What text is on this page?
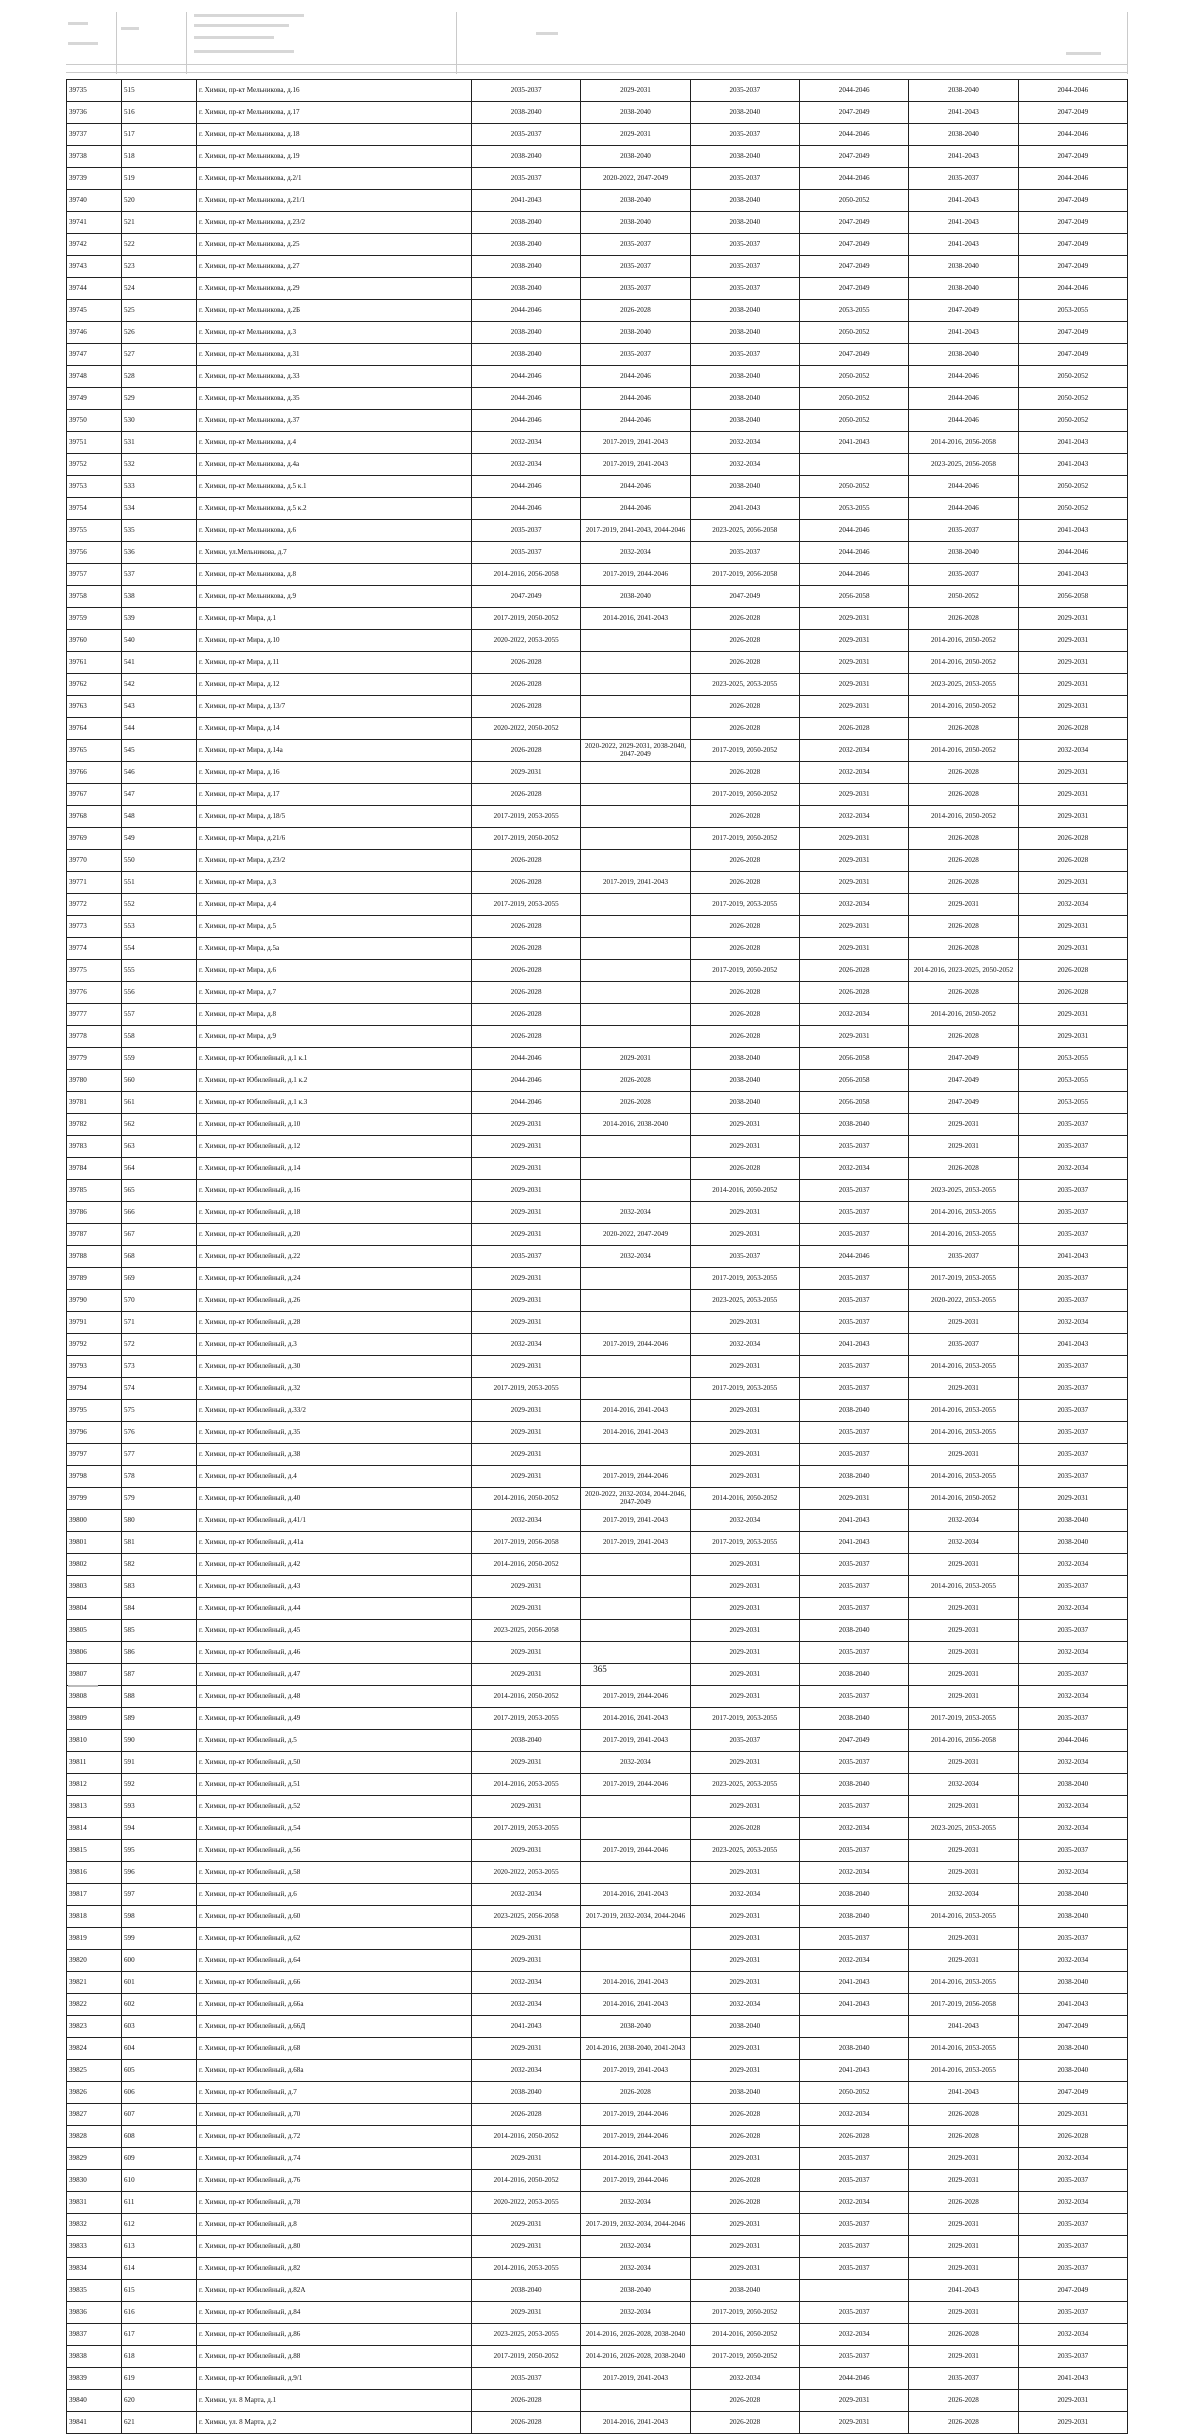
39735	515	г. Химки, пр-кт Мельникова, д.16	2035-2037	2029-2031	2035-2037	2044-2046	2038-2040	2044-2046
39736	516	г. Химки, пр-кт Мельникова, д.17	2038-2040	2038-2040	2038-2040	2047-2049	2041-2043	2047-2049
39737	517	г. Химки, пр-кт Мельникова, д.18	2035-2037	2029-2031	2035-2037	2044-2046	2038-2040	2044-2046
39738	518	г. Химки, пр-кт Мельникова, д.19	2038-2040	2038-2040	2038-2040	2047-2049	2041-2043	2047-2049
39739	519	г. Химки, пр-кт Мельникова, д.2/1	2035-2037	2020-2022, 2047-2049	2035-2037	2044-2046	2035-2037	2044-2046
39740	520	г. Химки, пр-кт Мельникова, д.21/1	2041-2043	2038-2040	2038-2040	2050-2052	2041-2043	2047-2049
39741	521	г. Химки, пр-кт Мельникова, д.23/2	2038-2040	2038-2040	2038-2040	2047-2049	2041-2043	2047-2049
39742	522	г. Химки, пр-кт Мельникова, д.25	2038-2040	2035-2037	2035-2037	2047-2049	2041-2043	2047-2049
39743	523	г. Химки, пр-кт Мельникова, д.27	2038-2040	2035-2037	2035-2037	2047-2049	2038-2040	2047-2049
39744	524	г. Химки, пр-кт Мельникова, д.29	2038-2040	2035-2037	2035-2037	2047-2049	2038-2040	2044-2046
39745	525	г. Химки, пр-кт Мельникова, д.2Б	2044-2046	2026-2028	2038-2040	2053-2055	2047-2049	2053-2055
39746	526	г. Химки, пр-кт Мельникова, д.3	2038-2040	2038-2040	2038-2040	2050-2052	2041-2043	2047-2049
39747	527	г. Химки, пр-кт Мельникова, д.31	2038-2040	2035-2037	2035-2037	2047-2049	2038-2040	2047-2049
39748	528	г. Химки, пр-кт Мельникова, д.33	2044-2046	2044-2046	2038-2040	2050-2052	2044-2046	2050-2052
39749	529	г. Химки, пр-кт Мельникова, д.35	2044-2046	2044-2046	2038-2040	2050-2052	2044-2046	2050-2052
39750	530	г. Химки, пр-кт Мельникова, д.37	2044-2046	2044-2046	2038-2040	2050-2052	2044-2046	2050-2052
39751	531	г. Химки, пр-кт Мельникова, д.4	2032-2034	2017-2019, 2041-2043	2032-2034	2041-2043	2014-2016, 2056-2058	2041-2043
39752	532	г. Химки, пр-кт Мельникова, д.4а	2032-2034	2017-2019, 2041-2043	2032-2034		2023-2025, 2056-2058	2041-2043
39753	533	г. Химки, пр-кт Мельникова, д.5 к.1	2044-2046	2044-2046	2038-2040	2050-2052	2044-2046	2050-2052
39754	534	г. Химки, пр-кт Мельникова, д.5 к.2	2044-2046	2044-2046	2041-2043	2053-2055	2044-2046	2050-2052
39755	535	г. Химки, пр-кт Мельникова, д.6	2035-2037	2017-2019, 2041-2043, 2044-2046	2023-2025, 2056-2058	2044-2046	2035-2037	2041-2043
39756	536	г. Химки, ул.Мельникова, д.7	2035-2037	2032-2034	2035-2037	2044-2046	2038-2040	2044-2046
39757	537	г. Химки, пр-кт Мельникова, д.8	2014-2016, 2056-2058	2017-2019, 2044-2046	2017-2019, 2056-2058	2044-2046	2035-2037	2041-2043
39758	538	г. Химки, пр-кт Мельникова, д.9	2047-2049	2038-2040	2047-2049	2056-2058	2050-2052	2056-2058
39759	539	г. Химки, пр-кт Мира, д.1	2017-2019, 2050-2052	2014-2016, 2041-2043	2026-2028	2029-2031	2026-2028	2029-2031
39760	540	г. Химки, пр-кт Мира, д.10	2020-2022, 2053-2055		2026-2028	2029-2031	2014-2016, 2050-2052	2029-2031
39761	541	г. Химки, пр-кт Мира, д.11	2026-2028		2026-2028	2029-2031	2014-2016, 2050-2052	2029-2031
39762	542	г. Химки, пр-кт Мира, д.12	2026-2028		2023-2025, 2053-2055	2029-2031	2023-2025, 2053-2055	2029-2031
39763	543	г. Химки, пр-кт Мира, д.13/7	2026-2028		2026-2028	2029-2031	2014-2016, 2050-2052	2029-2031
39764	544	г. Химки, пр-кт Мира, д.14	2020-2022, 2050-2052		2026-2028	2026-2028	2026-2028	2026-2028
39765	545	г. Химки, пр-кт Мира, д.14а	2026-2028	2020-2022, 2029-2031, 2038-2040, 2047-2049	2017-2019, 2050-2052	2032-2034	2014-2016, 2050-2052	2032-2034
39766	546	г. Химки, пр-кт Мира, д.16	2029-2031		2026-2028	2032-2034	2026-2028	2029-2031
39767	547	г. Химки, пр-кт Мира, д.17	2026-2028		2017-2019, 2050-2052	2029-2031	2026-2028	2029-2031
39768	548	г. Химки, пр-кт Мира, д.18/5	2017-2019, 2053-2055		2026-2028	2032-2034	2014-2016, 2050-2052	2029-2031
39769	549	г. Химки, пр-кт Мира, д.21/6	2017-2019, 2050-2052		2017-2019, 2050-2052	2029-2031	2026-2028	2026-2028
39770	550	г. Химки, пр-кт Мира, д.23/2	2026-2028		2026-2028	2029-2031	2026-2028	2026-2028
39771	551	г. Химки, пр-кт Мира, д.3	2026-2028	2017-2019, 2041-2043	2026-2028	2029-2031	2026-2028	2029-2031
39772	552	г. Химки, пр-кт Мира, д.4	2017-2019, 2053-2055		2017-2019, 2053-2055	2032-2034	2029-2031	2032-2034
39773	553	г. Химки, пр-кт Мира, д.5	2026-2028		2026-2028	2029-2031	2026-2028	2029-2031
39774	554	г. Химки, пр-кт Мира, д.5а	2026-2028		2026-2028	2029-2031	2026-2028	2029-2031
39775	555	г. Химки, пр-кт Мира, д.6	2026-2028		2017-2019, 2050-2052	2026-2028	2014-2016, 2023-2025, 2050-2052	2026-2028
39776	556	г. Химки, пр-кт Мира, д.7	2026-2028		2026-2028	2026-2028	2026-2028	2026-2028
39777	557	г. Химки, пр-кт Мира, д.8	2026-2028		2026-2028	2032-2034	2014-2016, 2050-2052	2029-2031
39778	558	г. Химки, пр-кт Мира, д.9	2026-2028		2026-2028	2029-2031	2026-2028	2029-2031
39779	559	г. Химки, пр-кт Юбилейный, д.1 к.1	2044-2046	2029-2031	2038-2040	2056-2058	2047-2049	2053-2055
39780	560	г. Химки, пр-кт Юбилейный, д.1 к.2	2044-2046	2026-2028	2038-2040	2056-2058	2047-2049	2053-2055
39781	561	г. Химки, пр-кт Юбилейный, д.1 к.3	2044-2046	2026-2028	2038-2040	2056-2058	2047-2049	2053-2055
39782	562	г. Химки, пр-кт Юбилейный, д.10	2029-2031	2014-2016, 2038-2040	2029-2031	2038-2040	2029-2031	2035-2037
39783	563	г. Химки, пр-кт Юбилейный, д.12	2029-2031		2029-2031	2035-2037	2029-2031	2035-2037
39784	564	г. Химки, пр-кт Юбилейный, д.14	2029-2031		2026-2028	2032-2034	2026-2028	2032-2034
39785	565	г. Химки, пр-кт Юбилейный, д.16	2029-2031		2014-2016, 2050-2052	2035-2037	2023-2025, 2053-2055	2035-2037
39786	566	г. Химки, пр-кт Юбилейный, д.18	2029-2031	2032-2034	2029-2031	2035-2037	2014-2016, 2053-2055	2035-2037
39787	567	г. Химки, пр-кт Юбилейный, д.20	2029-2031	2020-2022, 2047-2049	2029-2031	2035-2037	2014-2016, 2053-2055	2035-2037
39788	568	г. Химки, пр-кт Юбилейный, д.22	2035-2037	2032-2034	2035-2037	2044-2046	2035-2037	2041-2043
39789	569	г. Химки, пр-кт Юбилейный, д.24	2029-2031		2017-2019, 2053-2055	2035-2037	2017-2019, 2053-2055	2035-2037
39790	570	г. Химки, пр-кт Юбилейный, д.26	2029-2031		2023-2025, 2053-2055	2035-2037	2020-2022, 2053-2055	2035-2037
39791	571	г. Химки, пр-кт Юбилейный, д.28	2029-2031		2029-2031	2035-2037	2029-2031	2032-2034
39792	572	г. Химки, пр-кт Юбилейный, д.3	2032-2034	2017-2019, 2044-2046	2032-2034	2041-2043	2035-2037	2041-2043
39793	573	г. Химки, пр-кт Юбилейный, д.30	2029-2031		2029-2031	2035-2037	2014-2016, 2053-2055	2035-2037
39794	574	г. Химки, пр-кт Юбилейный, д.32	2017-2019, 2053-2055		2017-2019, 2053-2055	2035-2037	2029-2031	2035-2037
39795	575	г. Химки, пр-кт Юбилейный, д.33/2	2029-2031	2014-2016, 2041-2043	2029-2031	2038-2040	2014-2016, 2053-2055	2035-2037
39796	576	г. Химки, пр-кт Юбилейный, д.35	2029-2031	2014-2016, 2041-2043	2029-2031	2035-2037	2014-2016, 2053-2055	2035-2037
39797	577	г. Химки, пр-кт Юбилейный, д.38	2029-2031		2029-2031	2035-2037	2029-2031	2035-2037
39798	578	г. Химки, пр-кт Юбилейный, д.4	2029-2031	2017-2019, 2044-2046	2029-2031	2038-2040	2014-2016, 2053-2055	2035-2037
39799	579	г. Химки, пр-кт Юбилейный, д.40	2014-2016, 2050-2052	2020-2022, 2032-2034, 2044-2046, 2047-2049	2014-2016, 2050-2052	2029-2031	2014-2016, 2050-2052	2029-2031
39800	580	г. Химки, пр-кт Юбилейный, д.41/1	2032-2034	2017-2019, 2041-2043	2032-2034	2041-2043	2032-2034	2038-2040
39801	581	г. Химки, пр-кт Юбилейный, д.41а	2017-2019, 2056-2058	2017-2019, 2041-2043	2017-2019, 2053-2055	2041-2043	2032-2034	2038-2040
39802	582	г. Химки, пр-кт Юбилейный, д.42	2014-2016, 2050-2052		2029-2031	2035-2037	2029-2031	2032-2034
39803	583	г. Химки, пр-кт Юбилейный, д.43	2029-2031		2029-2031	2035-2037	2014-2016, 2053-2055	2035-2037
39804	584	г. Химки, пр-кт Юбилейный, д.44	2029-2031		2029-2031	2035-2037	2029-2031	2032-2034
39805	585	г. Химки, пр-кт Юбилейный, д.45	2023-2025, 2056-2058		2029-2031	2038-2040	2029-2031	2035-2037
39806	586	г. Химки, пр-кт Юбилейный, д.46	2029-2031		2029-2031	2035-2037	2029-2031	2032-2034
39807	587	г. Химки, пр-кт Юбилейный, д.47	2029-2031		2029-2031	2038-2040	2029-2031	2035-2037
39808	588	г. Химки, пр-кт Юбилейный, д.48	2014-2016, 2050-2052	2017-2019, 2044-2046	2029-2031	2035-2037	2029-2031	2032-2034
39809	589	г. Химки, пр-кт Юбилейный, д.49	2017-2019, 2053-2055	2014-2016, 2041-2043	2017-2019, 2053-2055	2038-2040	2017-2019, 2053-2055	2035-2037
39810	590	г. Химки, пр-кт Юбилейный, д.5	2038-2040	2017-2019, 2041-2043	2035-2037	2047-2049	2014-2016, 2056-2058	2044-2046
39811	591	г. Химки, пр-кт Юбилейный, д.50	2029-2031	2032-2034	2029-2031	2035-2037	2029-2031	2032-2034
39812	592	г. Химки, пр-кт Юбилейный, д.51	2014-2016, 2053-2055	2017-2019, 2044-2046	2023-2025, 2053-2055	2038-2040	2032-2034	2038-2040
39813	593	г. Химки, пр-кт Юбилейный, д.52	2029-2031		2029-2031	2035-2037	2029-2031	2032-2034
39814	594	г. Химки, пр-кт Юбилейный, д.54	2017-2019, 2053-2055		2026-2028	2032-2034	2023-2025, 2053-2055	2032-2034
39815	595	г. Химки, пр-кт Юбилейный, д.56	2029-2031	2017-2019, 2044-2046	2023-2025, 2053-2055	2035-2037	2029-2031	2035-2037
39816	596	г. Химки, пр-кт Юбилейный, д.58	2020-2022, 2053-2055		2029-2031	2032-2034	2029-2031	2032-2034
39817	597	г. Химки, пр-кт Юбилейный, д.6	2032-2034	2014-2016, 2041-2043	2032-2034	2038-2040	2032-2034	2038-2040
39818	598	г. Химки, пр-кт Юбилейный, д.60	2023-2025, 2056-2058	2017-2019, 2032-2034, 2044-2046	2029-2031	2038-2040	2014-2016, 2053-2055	2038-2040
39819	599	г. Химки, пр-кт Юбилейный, д.62	2029-2031		2029-2031	2035-2037	2029-2031	2035-2037
39820	600	г. Химки, пр-кт Юбилейный, д.64	2029-2031		2029-2031	2032-2034	2029-2031	2032-2034
39821	601	г. Химки, пр-кт Юбилейный, д.66	2032-2034	2014-2016, 2041-2043	2029-2031	2041-2043	2014-2016, 2053-2055	2038-2040
39822	602	г. Химки, пр-кт Юбилейный, д.66а	2032-2034	2014-2016, 2041-2043	2032-2034	2041-2043	2017-2019, 2056-2058	2041-2043
39823	603	г. Химки, пр-кт Юбилейный, д.66Д	2041-2043	2038-2040	2038-2040		2041-2043	2047-2049
39824	604	г. Химки, пр-кт Юбилейный, д.68	2029-2031	2014-2016, 2038-2040, 2041-2043	2029-2031	2038-2040	2014-2016, 2053-2055	2038-2040
39825	605	г. Химки, пр-кт Юбилейный, д.68а	2032-2034	2017-2019, 2041-2043	2029-2031	2041-2043	2014-2016, 2053-2055	2038-2040
39826	606	г. Химки, пр-кт Юбилейный, д.7	2038-2040	2026-2028	2038-2040	2050-2052	2041-2043	2047-2049
39827	607	г. Химки, пр-кт Юбилейный, д.70	2026-2028	2017-2019, 2044-2046	2026-2028	2032-2034	2026-2028	2029-2031
39828	608	г. Химки, пр-кт Юбилейный, д.72	2014-2016, 2050-2052	2017-2019, 2044-2046	2026-2028	2026-2028	2026-2028	2026-2028
39829	609	г. Химки, пр-кт Юбилейный, д.74	2029-2031	2014-2016, 2041-2043	2029-2031	2035-2037	2029-2031	2032-2034
39830	610	г. Химки, пр-кт Юбилейный, д.76	2014-2016, 2050-2052	2017-2019, 2044-2046	2026-2028	2035-2037	2029-2031	2035-2037
39831	611	г. Химки, пр-кт Юбилейный, д.78	2020-2022, 2053-2055	2032-2034	2026-2028	2032-2034	2026-2028	2032-2034
39832	612	г. Химки, пр-кт Юбилейный, д.8	2029-2031	2017-2019, 2032-2034, 2044-2046	2029-2031	2035-2037	2029-2031	2035-2037
39833	613	г. Химки, пр-кт Юбилейный, д.80	2029-2031	2032-2034	2029-2031	2035-2037	2029-2031	2035-2037
39834	614	г. Химки, пр-кт Юбилейный, д.82	2014-2016, 2053-2055	2032-2034	2029-2031	2035-2037	2029-2031	2035-2037
39835	615	г. Химки, пр-кт Юбилейный, д.82А	2038-2040	2038-2040	2038-2040		2041-2043	2047-2049
39836	616	г. Химки, пр-кт Юбилейный, д.84	2029-2031	2032-2034	2017-2019, 2050-2052	2035-2037	2029-2031	2035-2037
39837	617	г. Химки, пр-кт Юбилейный, д.86	2023-2025, 2053-2055	2014-2016, 2026-2028, 2038-2040	2014-2016, 2050-2052	2032-2034	2026-2028	2032-2034
39838	618	г. Химки, пр-кт Юбилейный, д.88	2017-2019, 2050-2052	2014-2016, 2026-2028, 2038-2040	2017-2019, 2050-2052	2035-2037	2029-2031	2035-2037
39839	619	г. Химки, пр-кт Юбилейный, д.9/1	2035-2037	2017-2019, 2041-2043	2032-2034	2044-2046	2035-2037	2041-2043
39840	620	г. Химки, ул. 8 Марта, д.1	2026-2028		2026-2028	2029-2031	2026-2028	2029-2031
39841	621	г. Химки, ул. 8 Марта, д.2	2026-2028	2014-2016, 2041-2043	2026-2028	2029-2031	2026-2028	2029-2031
365
